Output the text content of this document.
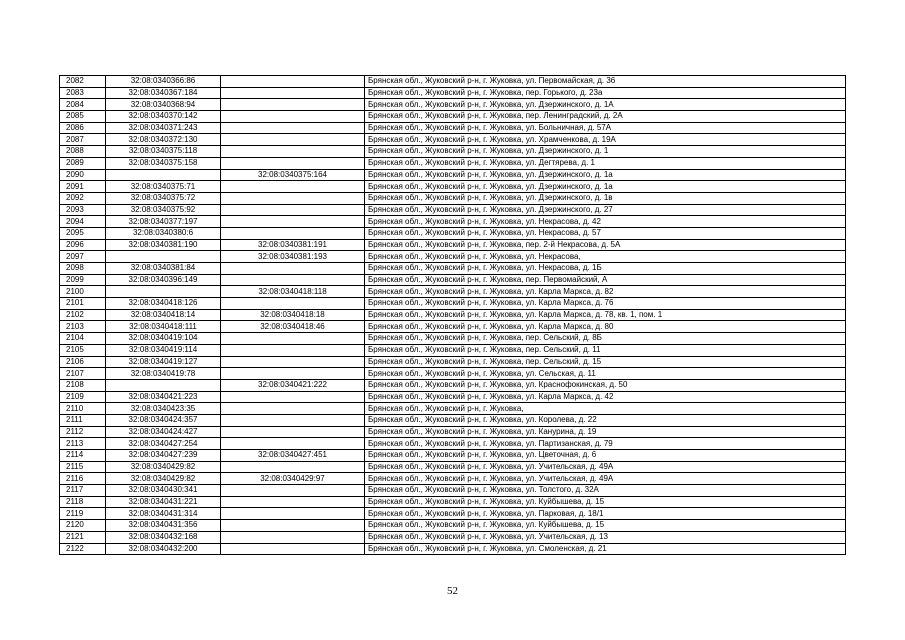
2082	32:08:0340366:86		Брянская обл., Жуковский р-н, г. Жуковка, ул. Первомайская, д. 36
2083	32:08:0340367:184		Брянская обл., Жуковский р-н, г. Жуковка, пер. Горького, д. 23а
2084	32:08:0340368:94		Брянская обл., Жуковский р-н, г. Жуковка, ул. Дзержинского, д. 1А
2085	32:08:0340370:142		Брянская обл., Жуковский р-н, г. Жуковка, пер. Ленинградский, д. 2А
2086	32:08:0340371:243		Брянская обл., Жуковский р-н, г. Жуковка, ул. Больничная, д. 57А
2087	32:08:0340372:130		Брянская обл., Жуковский р-н, г. Жуковка, ул. Храмченкова, д. 19А
2088	32:08:0340375:118		Брянская обл., Жуковский р-н, г. Жуковка, ул. Дзержинского, д. 1
2089	32:08:0340375:158		Брянская обл., Жуковский р-н, г. Жуковка, ул. Дегтярева, д. 1
2090		32:08:0340375:164	Брянская обл., Жуковский р-н, г. Жуковка, ул. Дзержинского, д. 1а
2091	32:08:0340375:71		Брянская обл., Жуковский р-н, г. Жуковка, ул. Дзержинского, д. 1а
2092	32:08:0340375:72		Брянская обл., Жуковский р-н, г. Жуковка, ул. Дзержинского, д. 1в
2093	32:08:0340375:92		Брянская обл., Жуковский р-н, г. Жуковка, ул. Дзержинского, д. 27
2094	32:08:0340377:197		Брянская обл., Жуковский р-н, г. Жуковка, ул. Некрасова, д. 42
2095	32:08:0340380:6		Брянская обл., Жуковский р-н, г. Жуковка, ул. Некрасова, д. 57
2096	32:08:0340381:190	32:08:0340381:191	Брянская обл., Жуковский р-н, г. Жуковка, пер. 2-й Некрасова, д. 5А
2097		32:08:0340381:193	Брянская обл., Жуковский р-н, г. Жуковка, ул. Некрасова,
2098	32:08:0340381:84		Брянская обл., Жуковский р-н, г. Жуковка, ул. Некрасова, д. 1Б
2099	32:08:0340396:149		Брянская обл., Жуковский р-н, г. Жуковка, пер. Первомайский, А
2100		32:08:0340418:118	Брянская обл., Жуковский р-н, г. Жуковка, ул. Карла Маркса, д. 82
2101	32:08:0340418:126		Брянская обл., Жуковский р-н, г. Жуковка, ул. Карла Маркса, д. 76
2102	32:08:0340418:14	32:08:0340418:18	Брянская обл., Жуковский р-н, г. Жуковка, ул. Карла Маркса, д. 78, кв. 1, пом. 1
2103	32:08:0340418:111	32:08:0340418:46	Брянская обл., Жуковский р-н, г. Жуковка, ул. Карла Маркса, д. 80
2104	32:08:0340419:104		Брянская обл., Жуковский р-н, г. Жуковка, пер. Сельский, д. 8Б
2105	32:08:0340419:114		Брянская обл., Жуковский р-н, г. Жуковка, пер. Сельский, д. 11
2106	32:08:0340419:127		Брянская обл., Жуковский р-н, г. Жуковка, пер. Сельский, д. 15
2107	32:08:0340419:78		Брянская обл., Жуковский р-н, г. Жуковка, ул. Сельская, д. 11
2108		32:08:0340421:222	Брянская обл., Жуковский р-н, г. Жуковка, ул. Краснофокинская, д. 50
2109	32:08:0340421:223		Брянская обл., Жуковский р-н, г. Жуковка, ул. Карла Маркса, д. 42
2110	32:08:0340423:35		Брянская обл., Жуковский р-н, г. Жуковка,
2111	32:08:0340424:357		Брянская обл., Жуковский р-н, г. Жуковка, ул. Королева, д. 22
2112	32:08:0340424:427		Брянская обл., Жуковский р-н, г. Жуковка, ул. Канурина, д. 19
2113	32:08:0340427:254		Брянская обл., Жуковский р-н, г. Жуковка, ул. Партизанская, д. 79
2114	32:08:0340427:239	32:08:0340427:451	Брянская обл., Жуковский р-н, г. Жуковка, ул. Цветочная, д. 6
2115	32:08:0340429:82		Брянская обл., Жуковский р-н, г. Жуковка, ул. Учительская, д. 49А
2116	32:08:0340429:82	32:08:0340429:97	Брянская обл., Жуковский р-н, г. Жуковка, ул. Учительская, д. 49А
2117	32:08:0340430:341		Брянская обл., Жуковский р-н, г. Жуковка, ул. Толстого, д. 32А
2118	32:08:0340431:221		Брянская обл., Жуковский р-н, г. Жуковка, ул. Куйбышева, д. 15
2119	32:08:0340431:314		Брянская обл., Жуковский р-н, г. Жуковка, ул. Парковая, д. 18/1
2120	32:08:0340431:356		Брянская обл., Жуковский р-н, г. Жуковка, ул. Куйбышева, д. 15
2121	32:08:0340432:168		Брянская обл., Жуковский р-н, г. Жуковка, ул. Учительская, д. 13
2122	32:08:0340432:200		Брянская обл., Жуковский р-н, г. Жуковка, ул. Смоленская, д. 21
52
